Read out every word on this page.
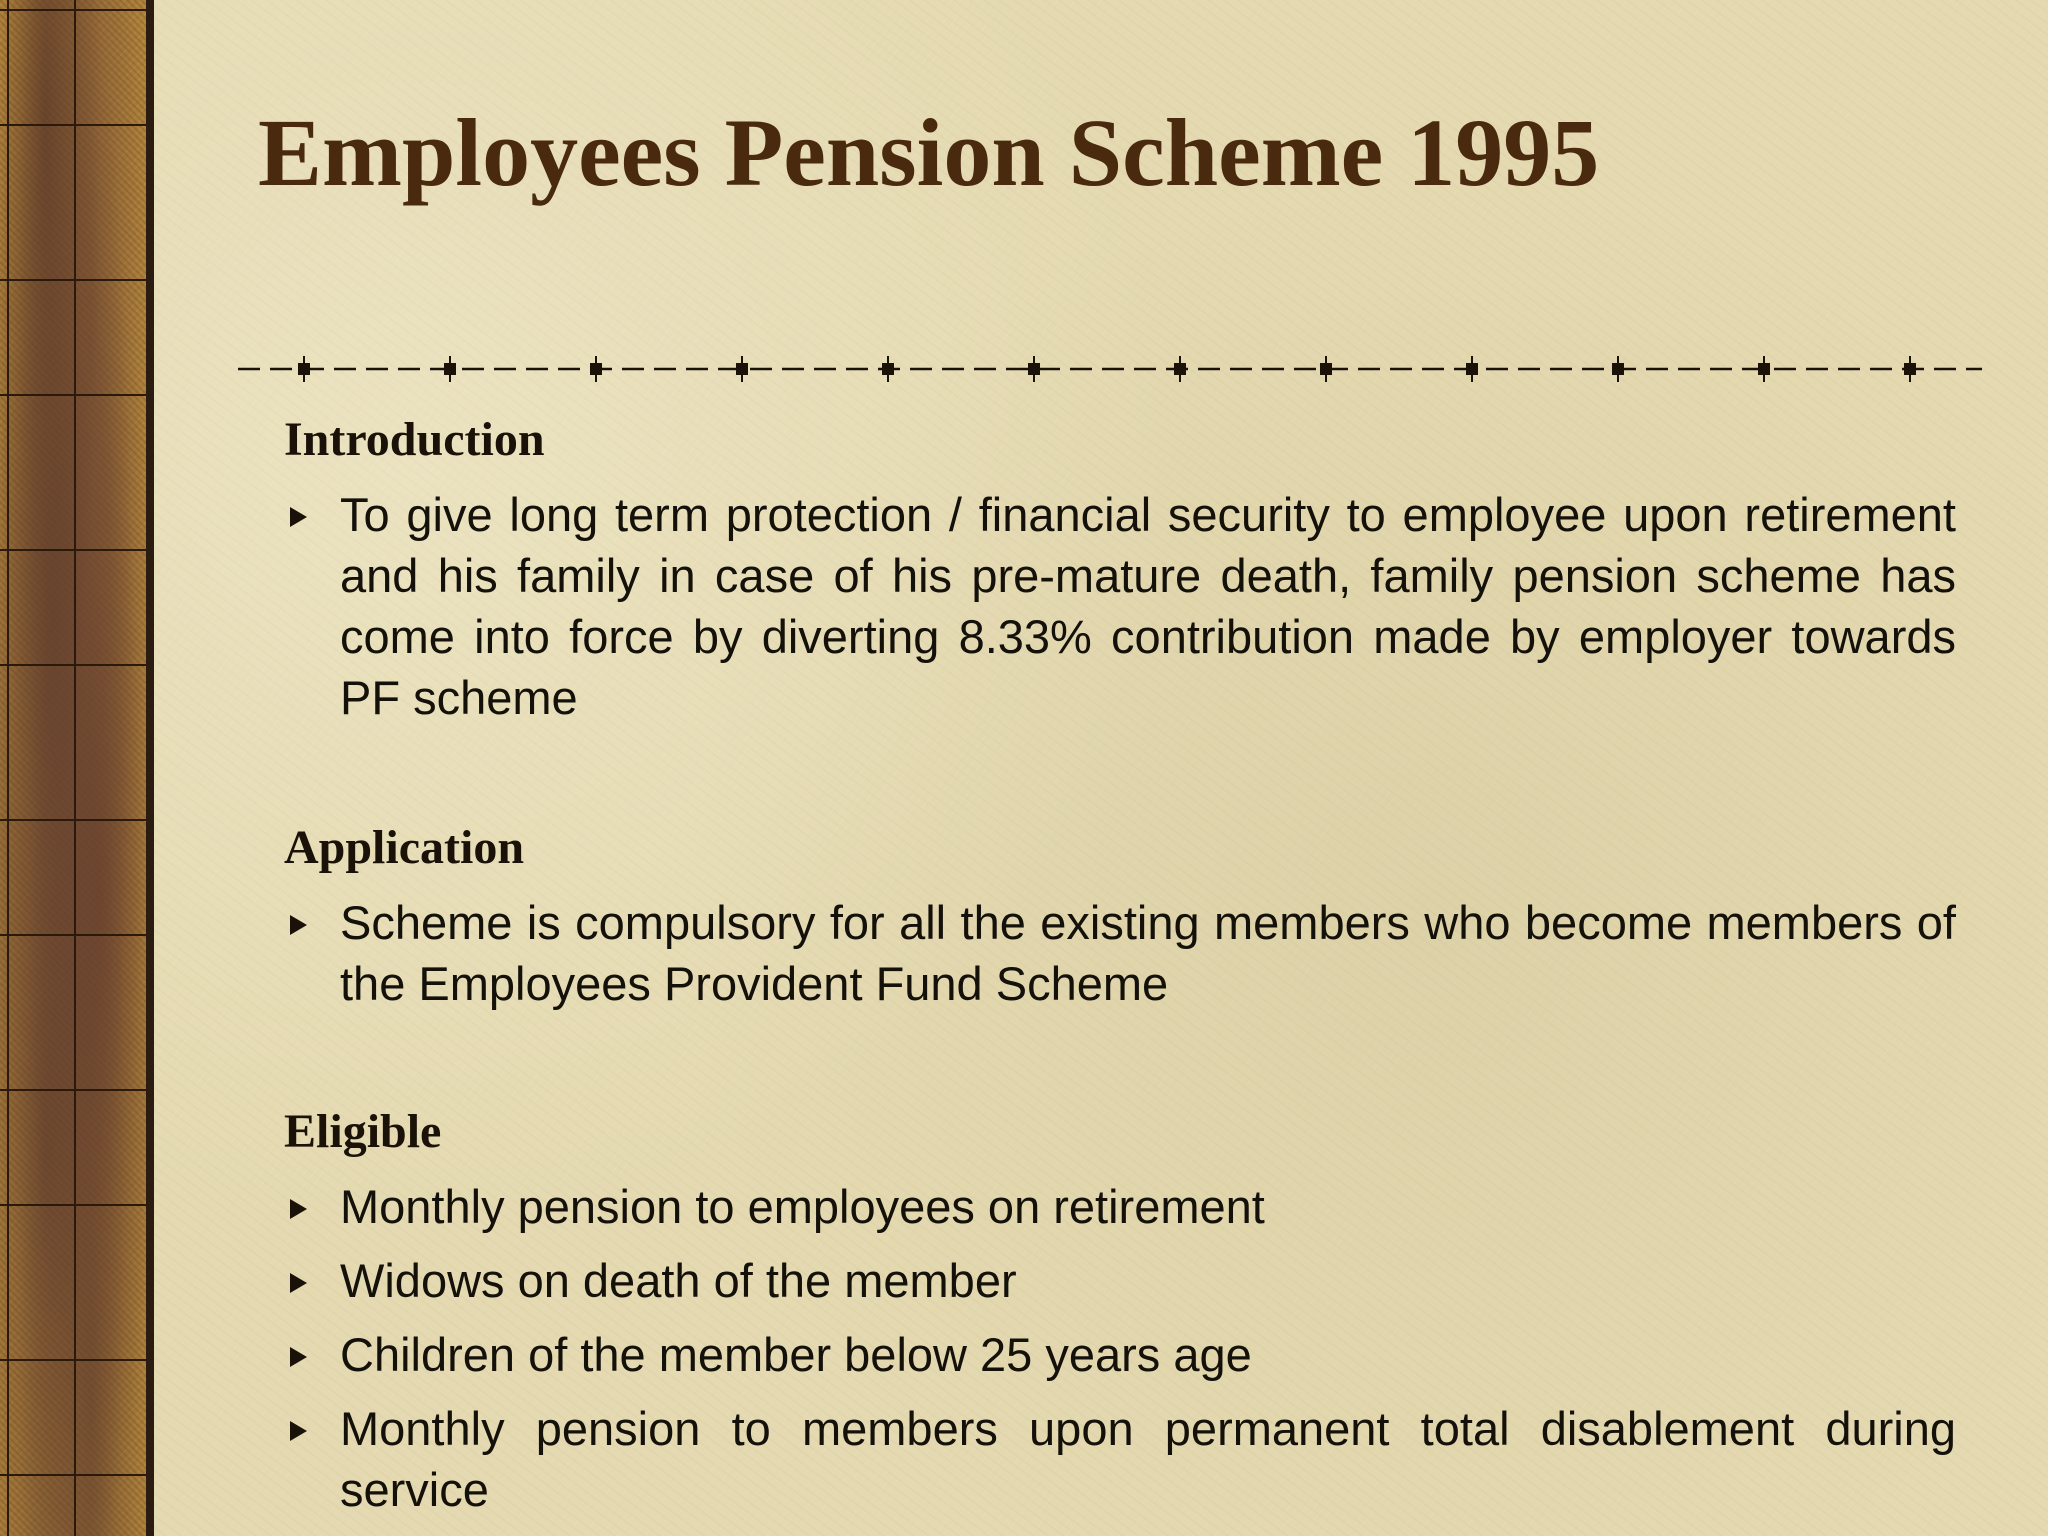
Employees Pension Scheme 1995
Introduction
To give long term protection / financial security to employee upon retirement and his family in case of his pre-mature death, family pension scheme has come into force by diverting 8.33% contribution made by employer towards PF scheme
Application
Scheme is compulsory for all the existing members who become members of the Employees Provident Fund Scheme
Eligible
Monthly pension to employees on retirement
Widows on death of the member
Children of the member below 25 years age
Monthly pension to members upon permanent total disablement during service
